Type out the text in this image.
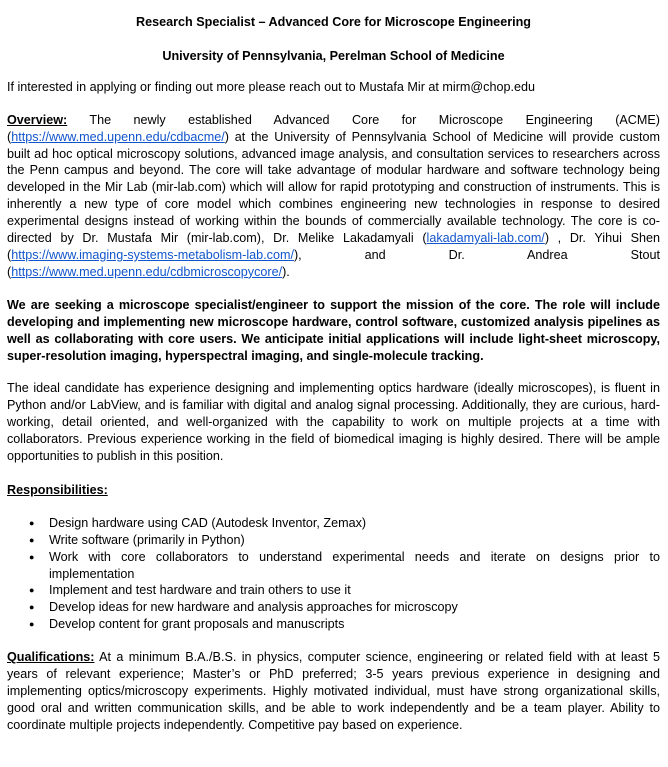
Research Specialist – Advanced Core for Microscope Engineering
University of Pennsylvania, Perelman School of Medicine

If interested in applying or finding out more please reach out to Mustafa Mir at mirm@chop.edu

Overview: The newly established Advanced Core for Microscope Engineering (ACME) (https://www.med.upenn.edu/cdbacme/) at the University of Pennsylvania School of Medicine will provide custom built ad hoc optical microscopy solutions, advanced image analysis, and consultation services to researchers across the Penn campus and beyond. The core will take advantage of modular hardware and software technology being developed in the Mir Lab (mir-lab.com) which will allow for rapid prototyping and construction of instruments. This is inherently a new type of core model which combines engineering new technologies in response to desired experimental designs instead of working within the bounds of commercially available technology. The core is co-directed by Dr. Mustafa Mir (mir-lab.com), Dr. Melike Lakadamyali (lakadamyali-lab.com/) , Dr. Yihui Shen (https://www.imaging-systems-metabolism-lab.com/), and Dr. Andrea Stout (https://www.med.upenn.edu/cdbmicroscopycore/).

We are seeking a microscope specialist/engineer to support the mission of the core. The role will include developing and implementing new microscope hardware, control software, customized analysis pipelines as well as collaborating with core users. We anticipate initial applications will include light-sheet microscopy, super-resolution imaging, hyperspectral imaging, and single-molecule tracking.

The ideal candidate has experience designing and implementing optics hardware (ideally microscopes), is fluent in Python and/or LabView, and is familiar with digital and analog signal processing. Additionally, they are curious, hard-working, detail oriented, and well-organized with the capability to work on multiple projects at a time with collaborators. Previous experience working in the field of biomedical imaging is highly desired. There will be ample opportunities to publish in this position.

Responsibilities:

● Design hardware using CAD (Autodesk Inventor, Zemax)
● Write software (primarily in Python)
● Work with core collaborators to understand experimental needs and iterate on designs prior to implementation
● Implement and test hardware and train others to use it
● Develop ideas for new hardware and analysis approaches for microscopy
● Develop content for grant proposals and manuscripts

Qualifications: At a minimum B.A./B.S. in physics, computer science, engineering or related field with at least 5 years of relevant experience; Master’s or PhD preferred; 3-5 years previous experience in designing and implementing optics/microscopy experiments. Highly motivated individual, must have strong organizational skills, good oral and written communication skills, and be able to work independently and be a team player. Ability to coordinate multiple projects independently. Competitive pay based on experience.
